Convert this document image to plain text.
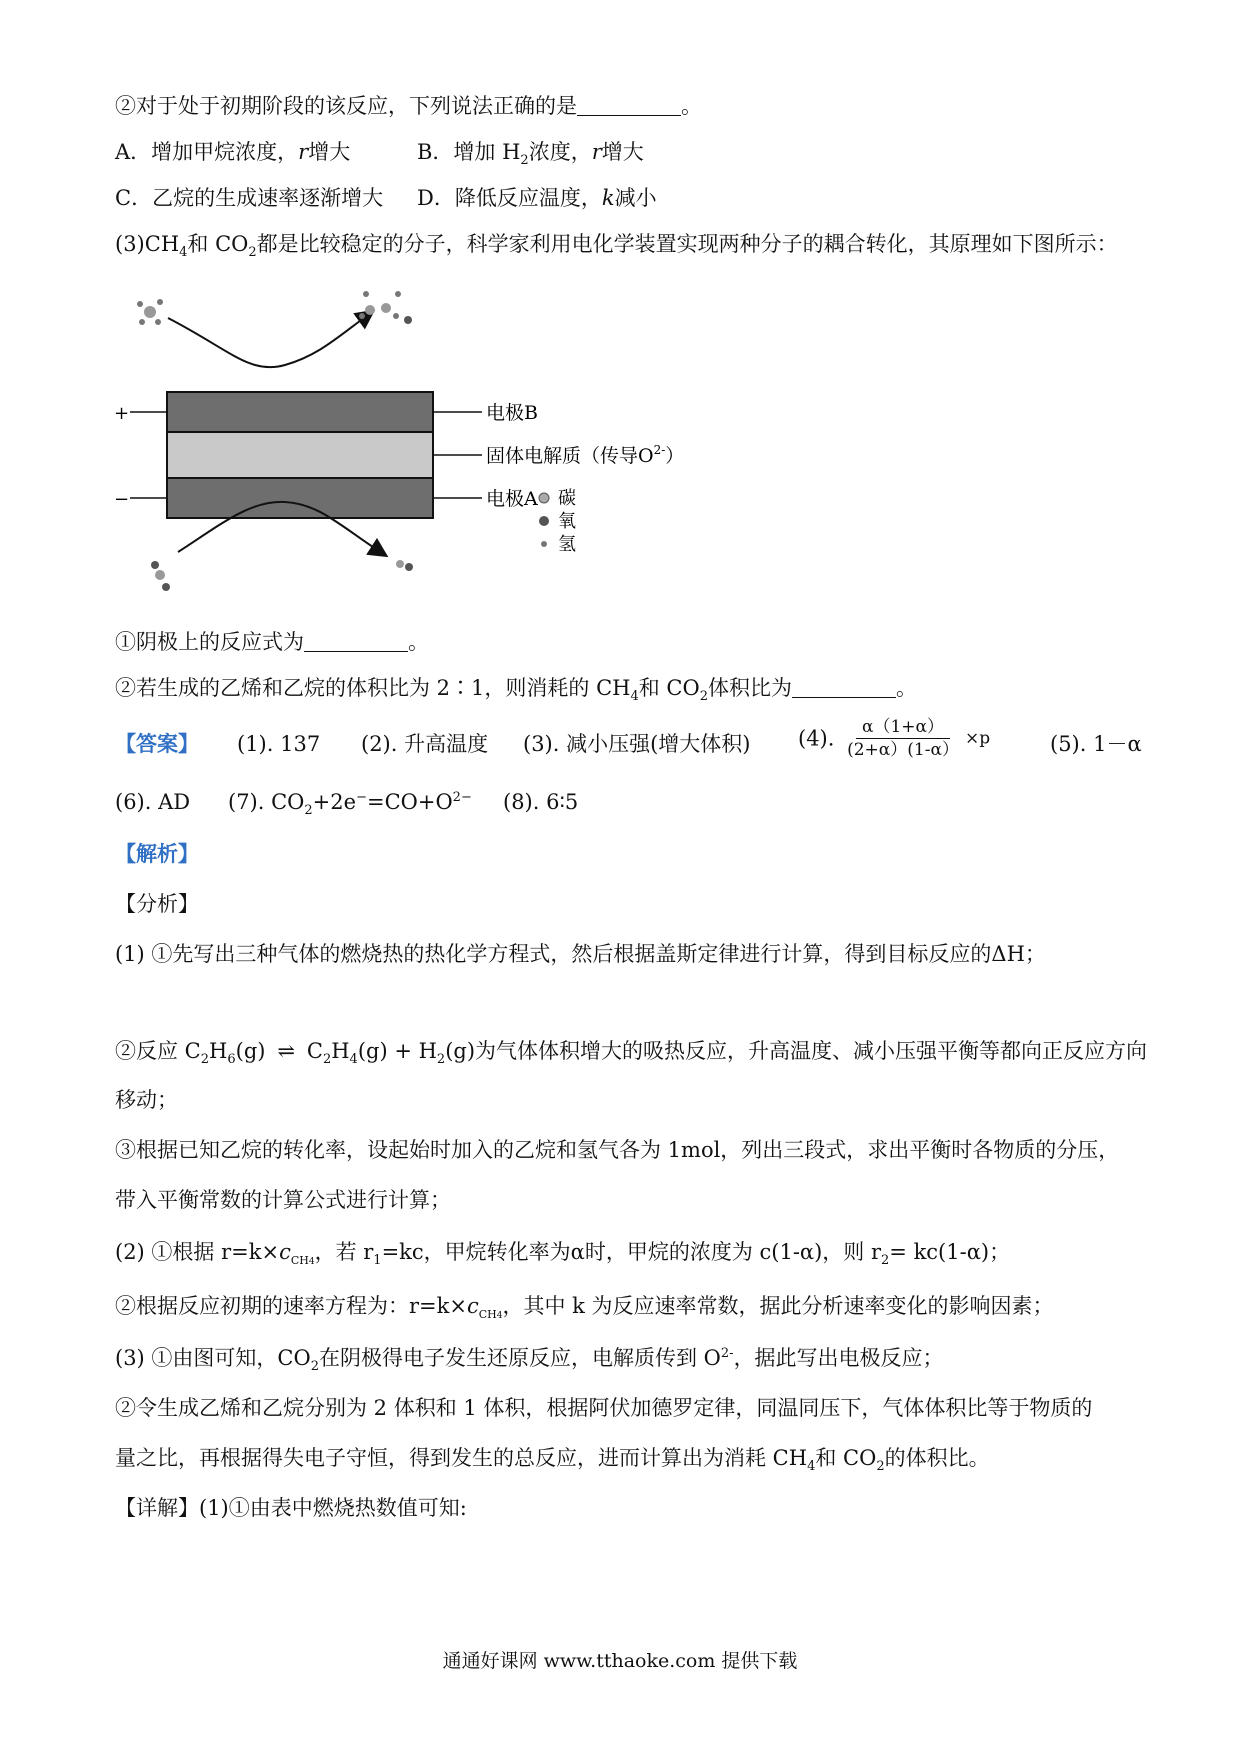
②对于处于初期阶段的该反应，下列说法正确的是	。
A．增加甲烷浓度，r增大	B．增加 $H_2$浓度，r增大
C．乙烷的生成速率逐渐增大 D．降低反应温度，k减小
$(3)CH_4$和 $CO_2$都是比较稳定的分子，科学家利用电化学装置实现两种分子的耦合转化，其原理如下图所示：
+
−
电极B
固体电解质（传导$O^{2-}$）
电极A 碳
氧
氢
①阴极上的反应式为	。
②若生成的乙烯和乙烷的体积比为 2∶1，则消耗的 $CH_4$和 $CO_2$体积比为	。
【答案】 (1). 137 (2). 升高温度 (3). 减小压强(增大体积) (4). $\frac{\alpha(1+\alpha)}{(2+\alpha)(1-\alpha)} \times p$	(5). 1－α
(6). AD (7). $CO_2+2e^-=CO+O^{2-}$ (8). 6∶5
【解析】
【分析】
(1) ①先写出三种气体的燃烧热的热化学方程式，然后根据盖斯定律进行计算，得到目标反应的ΔH；
②反应 $C_2H_6(g)$ ⇌ $C_2H_4(g) + H_2(g)$为气体体积增大的吸热反应，升高温度、减小压强平衡等都向正反应方向
移动；
③根据已知乙烷的转化率，设起始时加入的乙烷和氢气各为 1mol，列出三段式，求出平衡时各物质的分压，
带入平衡常数的计算公式进行计算；
(2) ①根据 $r=k\times c_{CH4}$，若 $r_1=kc$，甲烷转化率为α时，甲烷的浓度为 c(1-α)，则 $r_2= kc(1-\alpha)$；
②根据反应初期的速率方程为：$r=k\times c_{CH4}$，其中 k 为反应速率常数，据此分析速率变化的影响因素；
(3) ①由图可知，$CO_2$在阴极得电子发生还原反应，电解质传到 $O^{2-}$，据此写出电极反应；
②令生成乙烯和乙烷分别为 2 体积和 1 体积，根据阿伏加德罗定律，同温同压下，气体体积比等于物质的
量之比，再根据得失电子守恒，得到发生的总反应，进而计算出为消耗 $CH_4$和 $CO_2$的体积比。
【详解】(1)①由表中燃烧热数值可知:
通通好课网 www.tthaoke.com 提供下载
